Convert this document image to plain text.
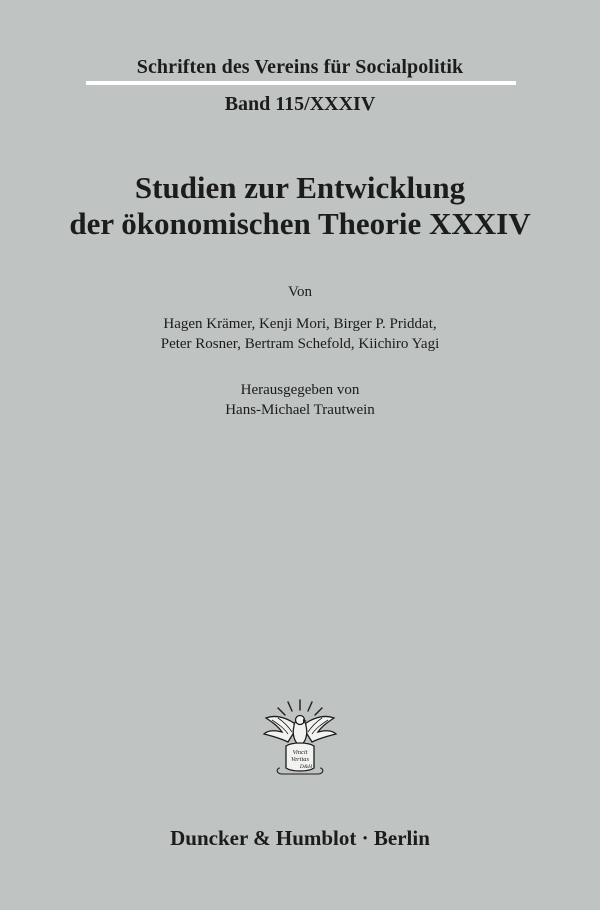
Schriften des Vereins für Socialpolitik
Band 115/XXXIV
Studien zur Entwicklung
der ökonomischen Theorie XXXIV
Von
Hagen Krämer, Kenji Mori, Birger P. Priddat,
Peter Rosner, Bertram Schefold, Kiichiro Yagi
Herausgegeben von
Hans-Michael Trautwein
Vincit
Veritas
D&H
Duncker & Humblot · Berlin
